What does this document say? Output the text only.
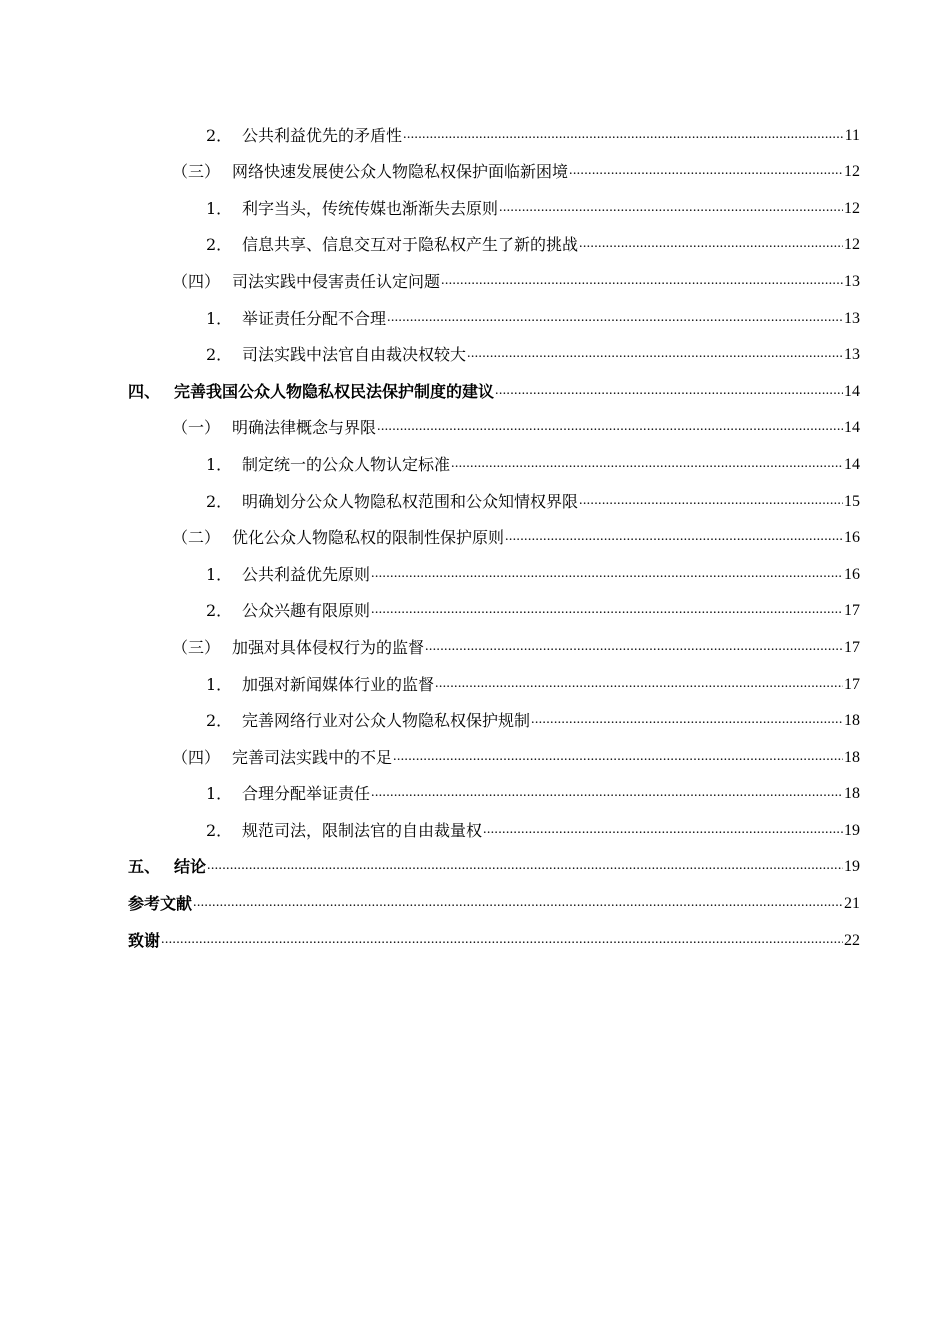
2． 公共利益优先的矛盾性 .....	11
（三） 网络快速发展使公众人物隐私权保护面临新困境 .....	12
1． 利字当头，传统传媒也渐渐失去原则 .....	12
2． 信息共享、信息交互对于隐私权产生了新的挑战 .....	12
（四） 司法实践中侵害责任认定问题 .....	13
1． 举证责任分配不合理 .....	13
2． 司法实践中法官自由裁决权较大 .....	13
四、 完善我国公众人物隐私权民法保护制度的建议 .....	14
（一） 明确法律概念与界限 .....	14
1． 制定统一的公众人物认定标准 .....	14
2． 明确划分公众人物隐私权范围和公众知情权界限 .....	15
（二） 优化公众人物隐私权的限制性保护原则 .....	16
1． 公共利益优先原则 .....	16
2． 公众兴趣有限原则 .....	17
（三） 加强对具体侵权行为的监督 .....	17
1． 加强对新闻媒体行业的监督 .....	17
2． 完善网络行业对公众人物隐私权保护规制 .....	18
（四） 完善司法实践中的不足 .....	18
1． 合理分配举证责任 .....	18
2． 规范司法，限制法官的自由裁量权 .....	19
五、 结论 .....	19
参考文献 .....	21
致谢 .....	22
